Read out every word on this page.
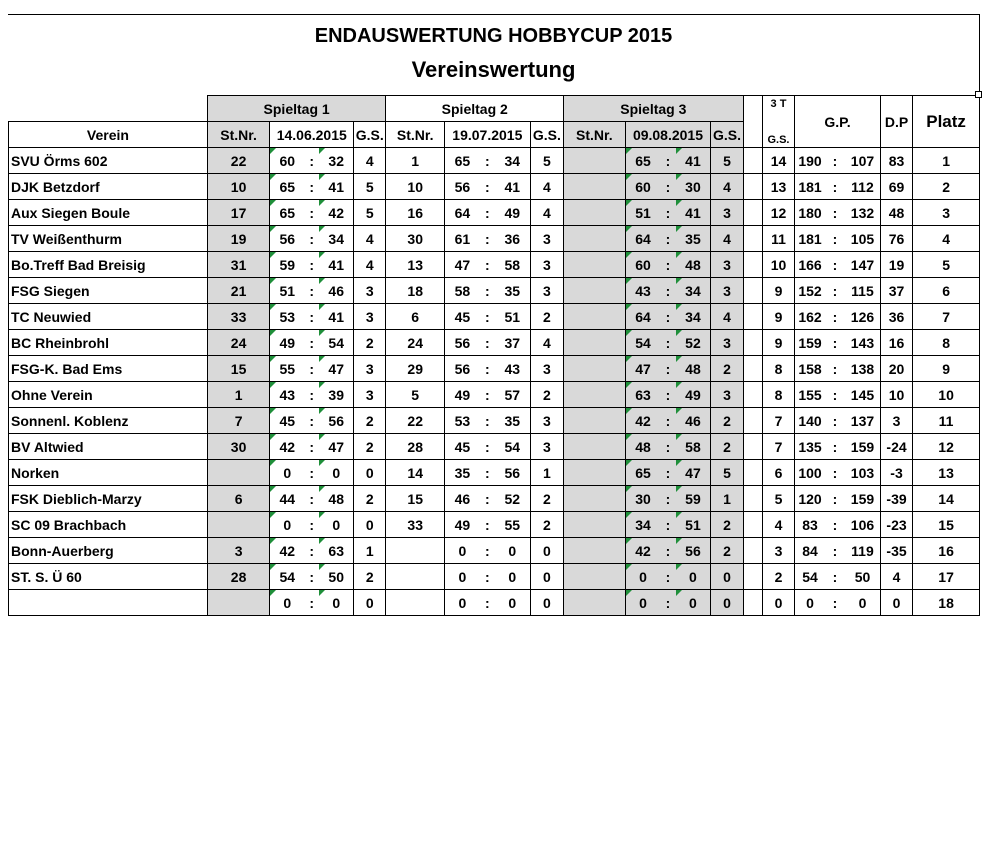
ENDAUSWERTUNG HOBBYCUP 2015
Vereinswertung
	Spieltag 1					Spieltag 2					Spieltag 3						3 T
G.S.	G.P.			D.P	Platz
Verein	St.Nr.	14.06.2015			G.S.	St.Nr.	19.07.2015			G.S.	St.Nr.	09.08.2015			G.S.							
SVU Örms 602	22	60	:	32	4	1	65	:	34	5		65	:	41	5		14	190	:	107	83	1
DJK Betzdorf	10	65	:	41	5	10	56	:	41	4		60	:	30	4		13	181	:	112	69	2
Aux Siegen Boule	17	65	:	42	5	16	64	:	49	4		51	:	41	3		12	180	:	132	48	3
TV Weißenthurm	19	56	:	34	4	30	61	:	36	3		64	:	35	4		11	181	:	105	76	4
Bo.Treff Bad Breisig	31	59	:	41	4	13	47	:	58	3		60	:	48	3		10	166	:	147	19	5
FSG Siegen	21	51	:	46	3	18	58	:	35	3		43	:	34	3		9	152	:	115	37	6
TC Neuwied	33	53	:	41	3	6	45	:	51	2		64	:	34	4		9	162	:	126	36	7
BC Rheinbrohl	24	49	:	54	2	24	56	:	37	4		54	:	52	3		9	159	:	143	16	8
FSG-K. Bad Ems	15	55	:	47	3	29	56	:	43	3		47	:	48	2		8	158	:	138	20	9
Ohne Verein	1	43	:	39	3	5	49	:	57	2		63	:	49	3		8	155	:	145	10	10
Sonnenl. Koblenz	7	45	:	56	2	22	53	:	35	3		42	:	46	2		7	140	:	137	3	11
BV Altwied	30	42	:	47	2	28	45	:	54	3		48	:	58	2		7	135	:	159	-24	12
Norken		0	:	0	0	14	35	:	56	1		65	:	47	5		6	100	:	103	-3	13
FSK Dieblich-Marzy	6	44	:	48	2	15	46	:	52	2		30	:	59	1		5	120	:	159	-39	14
SC 09 Brachbach		0	:	0	0	33	49	:	55	2		34	:	51	2		4	83	:	106	-23	15
Bonn-Auerberg	3	42	:	63	1		0	:	0	0		42	:	56	2		3	84	:	119	-35	16
ST. S. Ü 60	28	54	:	50	2		0	:	0	0		0	:	0	0		2	54	:	50	4	17
		0	:	0	0		0	:	0	0		0	:	0	0		0	0	:	0	0	18
